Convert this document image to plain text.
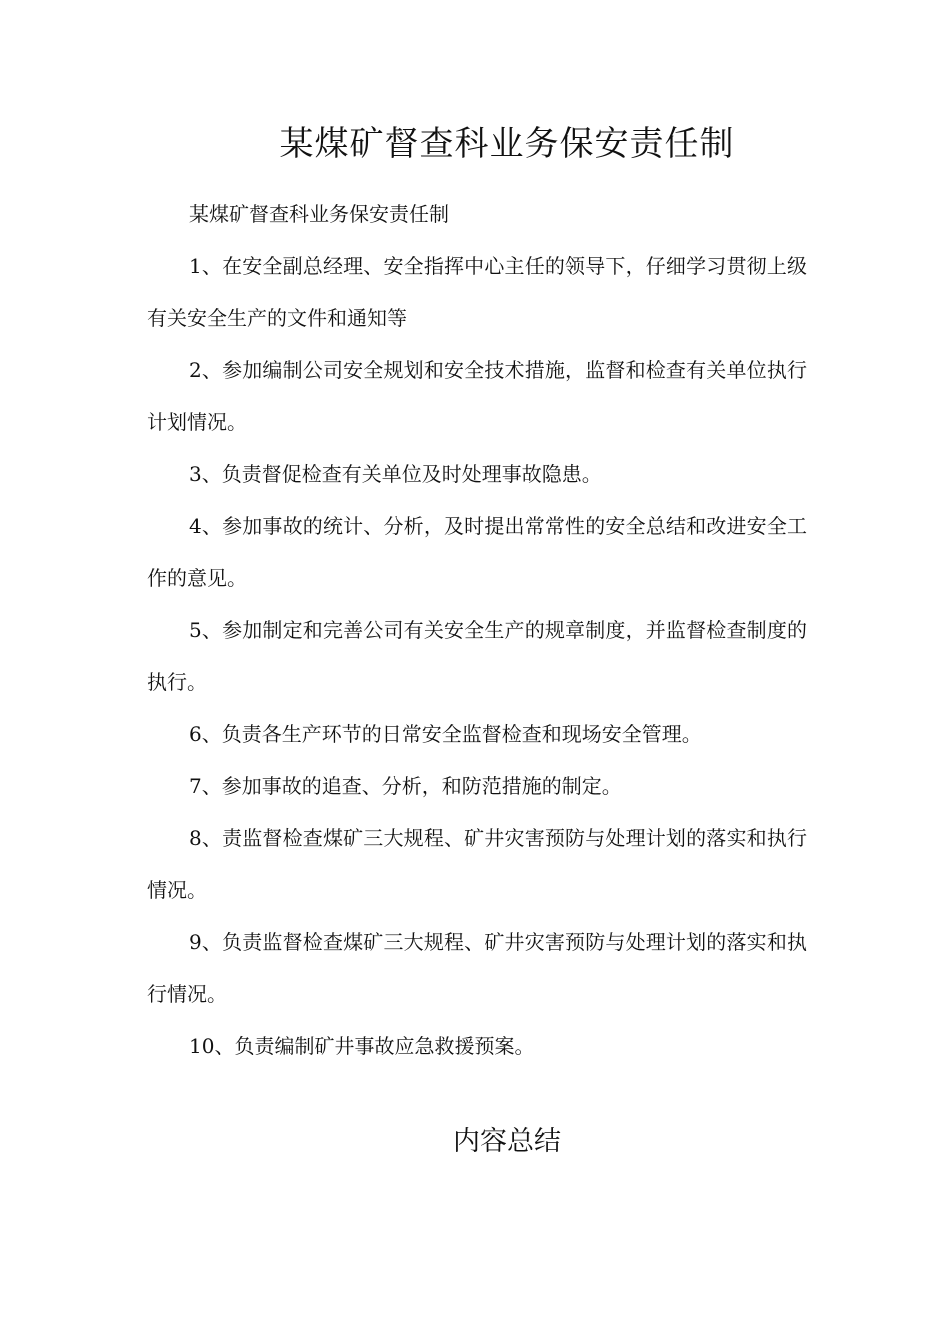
某煤矿督查科业务保安责任制

某煤矿督查科业务保安责任制

1、在安全副总经理、安全指挥中心主任的领导下，仔细学习贯彻上级有关安全生产的文件和通知等

2、参加编制公司安全规划和安全技术措施，监督和检查有关单位执行计划情况。

3、负责督促检查有关单位及时处理事故隐患。

4、参加事故的统计、分析，及时提出常常性的安全总结和改进安全工作的意见。

5、参加制定和完善公司有关安全生产的规章制度，并监督检查制度的执行。

6、负责各生产环节的日常安全监督检查和现场安全管理。

7、参加事故的追查、分析，和防范措施的制定。

8、责监督检查煤矿三大规程、矿井灾害预防与处理计划的落实和执行情况。

9、负责监督检查煤矿三大规程、矿井灾害预防与处理计划的落实和执行情况。

10、负责编制矿井事故应急救援预案。

内容总结
